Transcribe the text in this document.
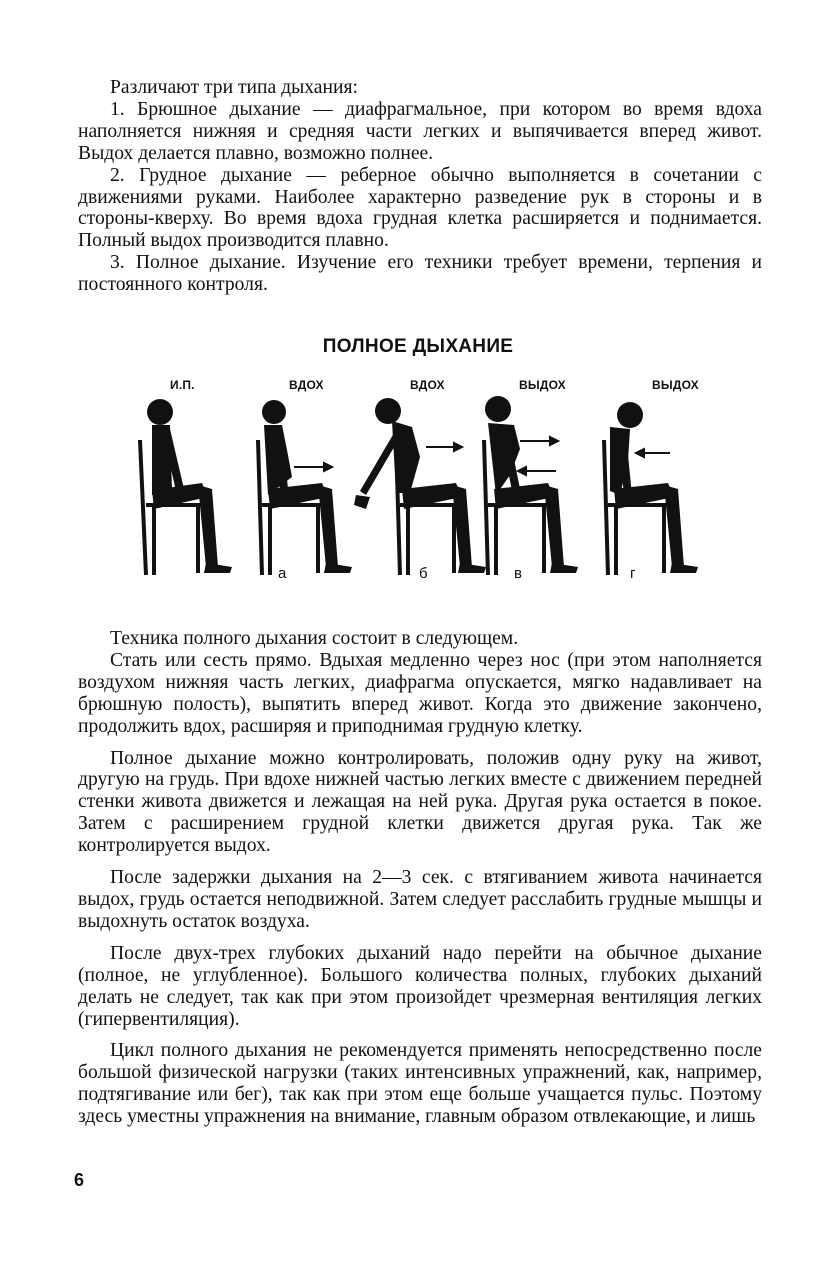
Различают три типа дыхания:

1. Брюшное дыхание — диафрагмальное, при котором во время вдоха наполняется нижняя и средняя части легких и выпячивается вперед живот. Выдох делается плавно, возможно полнее.

2. Грудное дыхание — реберное обычно выполняется в сочетании с движениями руками. Наиболее характерно разведение рук в стороны и в стороны-кверху. Во время вдоха грудная клетка расширяется и поднимается. Полный выдох производится плавно.

3. Полное дыхание. Изучение его техники требует времени, терпения и постоянного контроля.

ПОЛНОЕ ДЫХАНИЕ
И.П.	ВДОХ	ВДОХ	ВЫДОХ	ВЫДОХ
а	б	в	г

Техника полного дыхания состоит в следующем.

Стать или сесть прямо. Вдыхая медленно через нос (при этом наполняется воздухом нижняя часть легких, диафрагма опускается, мягко надавливает на брюшную полость), выпятить вперед живот. Когда это движение закончено, продолжить вдох, расширяя и приподнимая грудную клетку.

Полное дыхание можно контролировать, положив одну руку на живот, другую на грудь. При вдохе нижней частью легких вместе с движением передней стенки живота движется и лежащая на ней рука. Другая рука остается в покое. Затем с расширением грудной клетки движется другая рука. Так же контролируется выдох.

После задержки дыхания на 2—3 сек. с втягиванием живота начинается выдох, грудь остается неподвижной. Затем следует расслабить грудные мышцы и выдохнуть остаток воздуха.

После двух-трех глубоких дыханий надо перейти на обычное дыхание (полное, не углубленное). Большого количества полных, глубоких дыханий делать не следует, так как при этом произойдет чрезмерная вентиляция легких (гипервентиляция).

Цикл полного дыхания не рекомендуется применять непосредственно после большой физической нагрузки (таких интенсивных упражнений, как, например, подтягивание или бег), так как при этом еще больше учащается пульс. Поэтому здесь уместны упражнения на внимание, главным образом отвлекающие, и лишь

6
